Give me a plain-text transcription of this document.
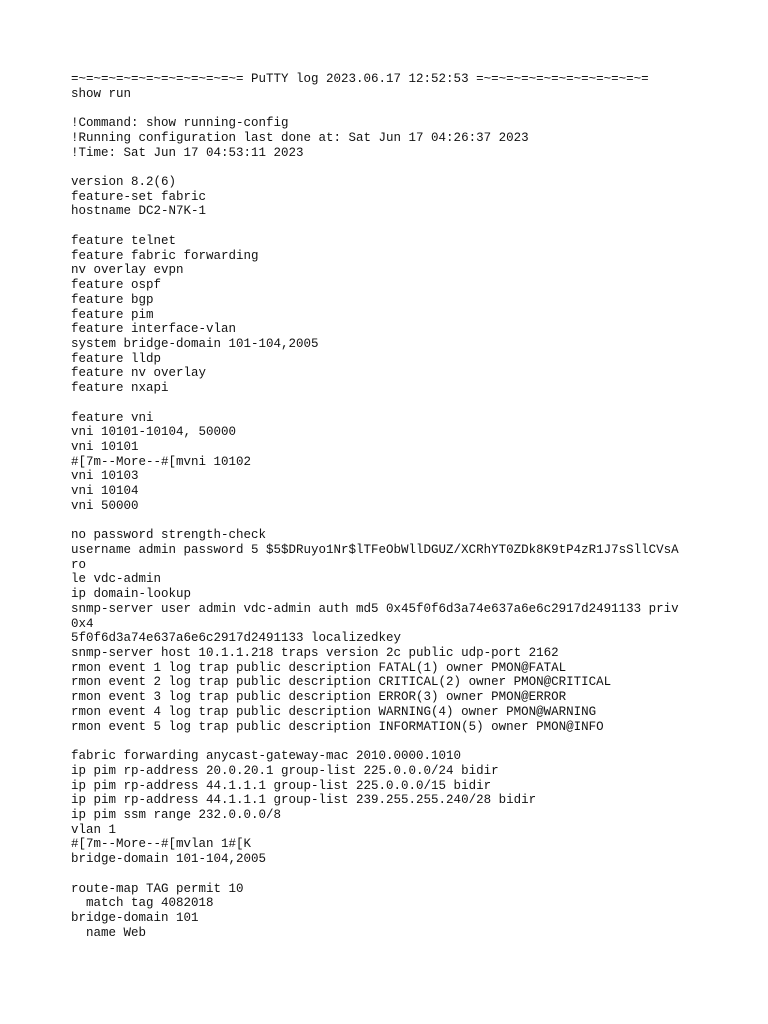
=~=~=~=~=~=~=~=~=~=~=~= PuTTY log 2023.06.17 12:52:53 =~=~=~=~=~=~=~=~=~=~=~=
show run

!Command: show running-config
!Running configuration last done at: Sat Jun 17 04:26:37 2023
!Time: Sat Jun 17 04:53:11 2023

version 8.2(6)
feature-set fabric
hostname DC2-N7K-1

feature telnet
feature fabric forwarding
nv overlay evpn
feature ospf
feature bgp
feature pim
feature interface-vlan
system bridge-domain 101-104,2005
feature lldp
feature nv overlay
feature nxapi

feature vni
vni 10101-10104, 50000
vni 10101
#[7m--More--#[mvni 10102
vni 10103
vni 10104
vni 50000

no password strength-check
username admin password 5 $5$DRuyo1Nr$lTFeObWllDGUZ/XCRhYT0ZDk8K9tP4zR1J7sSllCVsA
ro
le vdc-admin
ip domain-lookup
snmp-server user admin vdc-admin auth md5 0x45f0f6d3a74e637a6e6c2917d2491133 priv
0x4
5f0f6d3a74e637a6e6c2917d2491133 localizedkey
snmp-server host 10.1.1.218 traps version 2c public udp-port 2162
rmon event 1 log trap public description FATAL(1) owner PMON@FATAL
rmon event 2 log trap public description CRITICAL(2) owner PMON@CRITICAL
rmon event 3 log trap public description ERROR(3) owner PMON@ERROR
rmon event 4 log trap public description WARNING(4) owner PMON@WARNING
rmon event 5 log trap public description INFORMATION(5) owner PMON@INFO

fabric forwarding anycast-gateway-mac 2010.0000.1010
ip pim rp-address 20.0.20.1 group-list 225.0.0.0/24 bidir
ip pim rp-address 44.1.1.1 group-list 225.0.0.0/15 bidir
ip pim rp-address 44.1.1.1 group-list 239.255.255.240/28 bidir
ip pim ssm range 232.0.0.0/8
vlan 1
#[7m--More--#[mvlan 1#[K
bridge-domain 101-104,2005

route-map TAG permit 10
match tag 4082018
bridge-domain 101
name Web
